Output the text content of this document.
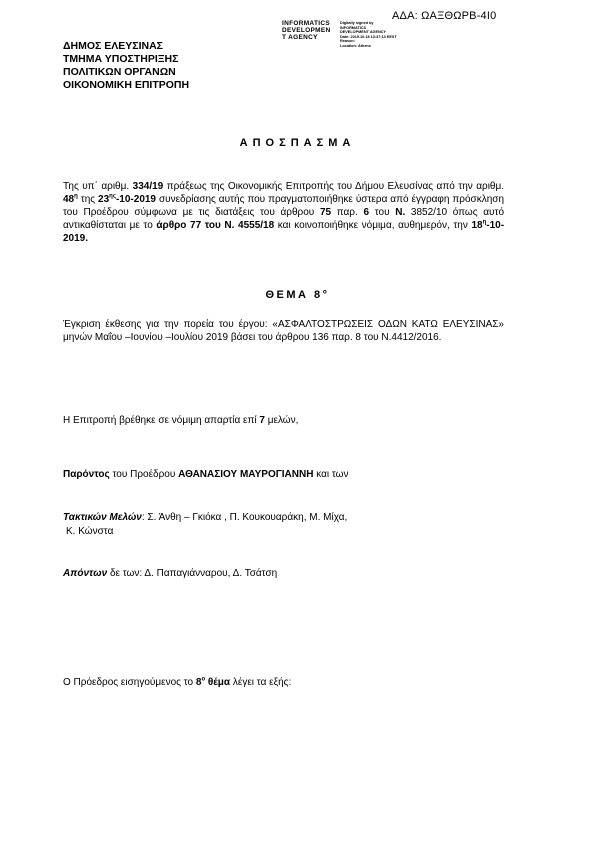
ΑΔΑ: ΩΑΞΘΩΡΒ-4Ι0
INFORMATICS
DEVELOPMEN
T AGENCY
Digitally signed by
INFORMATICS
DEVELOPMENT AGENCY
Date: 2019.10.18 13:37:13 EEST
Reason:
Location: Athens
ΔΗΜΟΣ ΕΛΕΥΣΙΝΑΣ
ΤΜΗΜΑ ΥΠΟΣΤΗΡΙΞΗΣ
ΠΟΛΙΤΙΚΩΝ ΟΡΓΑΝΩΝ
ΟΙΚΟΝΟΜΙΚΗ ΕΠΙΤΡΟΠΗ
ΑΠΟΣΠΑΣΜΑ
Της υπ΄ αριθμ. 334/19 πράξεως της Οικονομικής Επιτροπής του Δήμου Ελευσίνας από την αριθμ. $48^\eta$ της $23^{\eta\varsigma}-10-2019$ συνεδρίασης αυτής που πραγματοποιήθηκε ύστερα από έγγραφη πρόσκληση του Προέδρου σύμφωνα με τις διατάξεις του άρθρου 75 παρ. 6 του Ν. 3852/10 όπως αυτό αντικαθίσταται με το άρθρο 77 του Ν. 4555/18 και κοινοποιήθηκε νόμιμα, αυθημερόν, την $18^\eta-10-2019$.
ΘΕΜΑ 8°
Έγκριση έκθεσης για την πορεία του έργου: «ΑΣΦΑΛΤΟΣΤΡΩΣΕΙΣ ΟΔΩΝ ΚΑΤΩ ΕΛΕΥΣΙΝΑΣ» μηνών Μαΐου –Ιουνίου –Ιουλίου 2019 βάσει του άρθρου 136 παρ. 8 του Ν.4412/2016.
Η Επιτροπή βρέθηκε σε νόμιμη απαρτία επί 7 μελών,
Παρόντος του Προέδρου ΑΘΑΝΑΣΙΟΥ ΜΑΥΡΟΓΙΑΝΝΗ και των
Τακτικών Μελών: Σ. Άνθη – Γκιόκα , Π. Κουκουαράκη, Μ. Μίχα,
Κ. Κώνστα
Απόντων δε των: Δ. Παπαγιάνναρου, Δ. Τσάτση
Ο Πρόεδρος εισηγούμενος το $8^o$ θέμα λέγει τα εξής:
